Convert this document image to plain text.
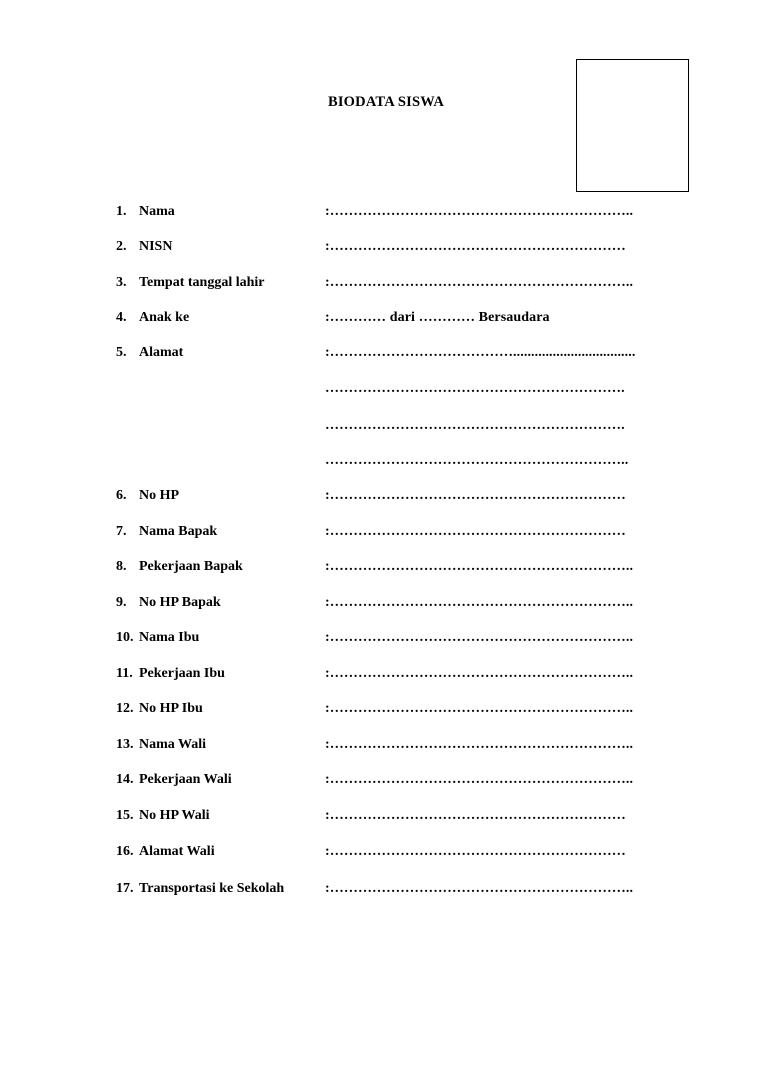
BIODATA SISWA
1. Nama	:………………………………………………………..
2. NISN	:………………………………………………………
3. Tempat tanggal lahir	:………………………………………………………..
4. Anak ke	:………… dari ………… Bersaudara
5. Alamat	:…………………………………..................................
……………………………………………………….
……………………………………………………….
………………………………………………………..
6. No HP	:………………………………………………………
7. Nama Bapak	:………………………………………………………
8. Pekerjaan Bapak	:………………………………………………………..
9. No HP Bapak	:………………………………………………………..
10. Nama Ibu	:………………………………………………………..
11. Pekerjaan Ibu	:………………………………………………………..
12. No HP Ibu	:………………………………………………………..
13. Nama Wali	:………………………………………………………..
14. Pekerjaan Wali	:………………………………………………………..
15. No HP Wali	:………………………………………………………
16. Alamat Wali	:………………………………………………………
17. Transportasi ke Sekolah	:………………………………………………………..
